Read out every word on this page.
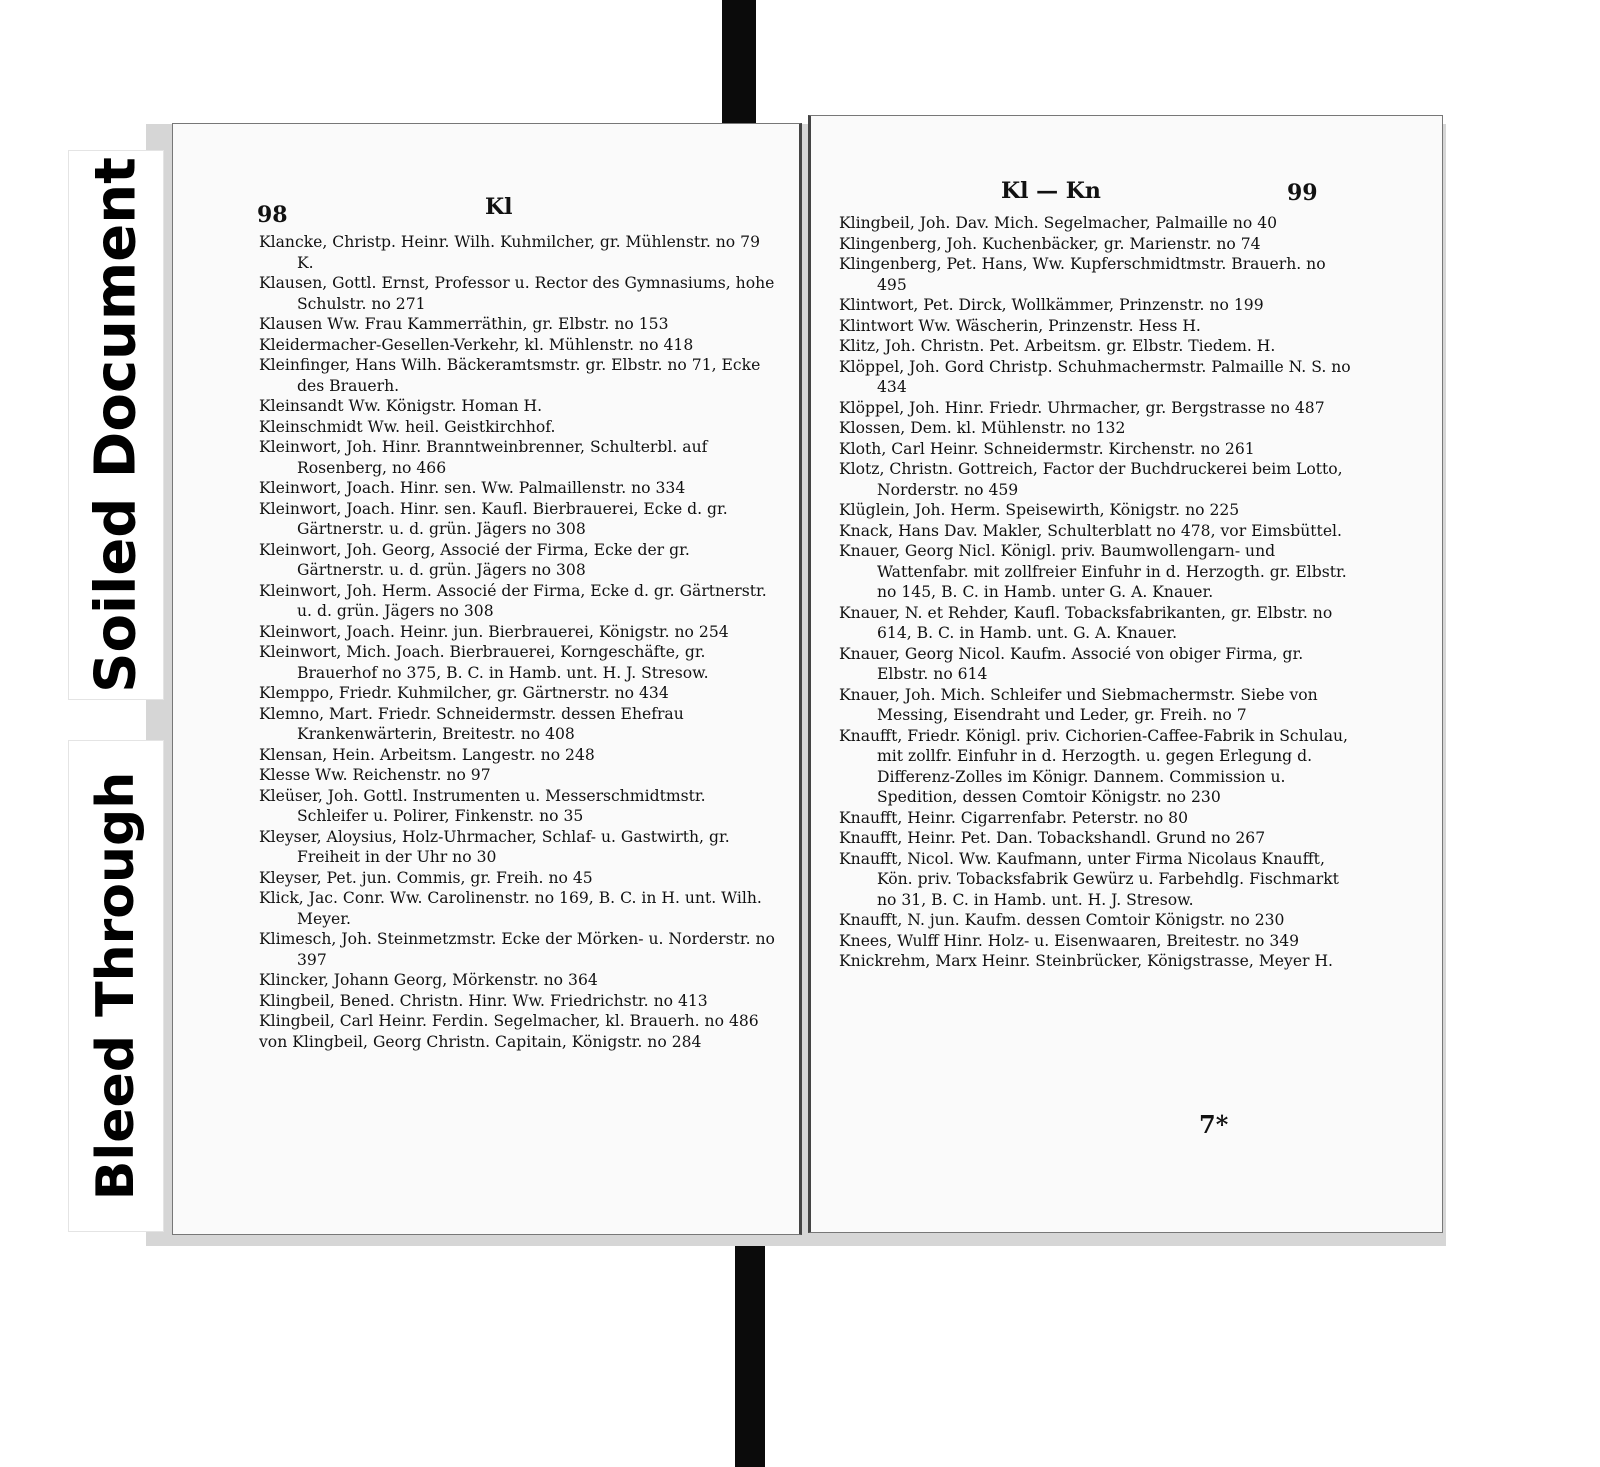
Soiled Document
Bleed Through
98	Kl
Klancke, Christp. Heinr. Wilh. Kuhmilcher, gr. Mühlenstr. no 79 K.
Klausen, Gottl. Ernst, Professor u. Rector des Gymnasiums, hohe Schulstr. no 271
Klausen Ww. Frau Kammerräthin, gr. Elbstr. no 153
Kleidermacher-Gesellen-Verkehr, kl. Mühlenstr. no 418
Kleinfinger, Hans Wilh. Bäckeramtsmstr. gr. Elbstr. no 71, Ecke des Brauerh.
Kleinsandt Ww. Königstr. Homan H.
Kleinschmidt Ww. heil. Geistkirchhof.
Kleinwort, Joh. Hinr. Branntweinbrenner, Schulterbl. auf Rosenberg, no 466
Kleinwort, Joach. Hinr. sen. Ww. Palmaillenstr. no 334
Kleinwort, Joach. Hinr. sen. Kaufl. Bierbrauerei, Ecke d. gr. Gärtnerstr. u. d. grün. Jägers no 308
Kleinwort, Joh. Georg, Associé der Firma, Ecke der gr. Gärtnerstr. u. d. grün. Jägers no 308
Kleinwort, Joh. Herm. Associé der Firma, Ecke d. gr. Gärtnerstr. u. d. grün. Jägers no 308
Kleinwort, Joach. Heinr. jun. Bierbrauerei, Königstr. no 254
Kleinwort, Mich. Joach. Bierbrauerei, Korngeschäfte, gr. Brauerhof no 375, B. C. in Hamb. unt. H. J. Stresow.
Klemppo, Friedr. Kuhmilcher, gr. Gärtnerstr. no 434
Klemno, Mart. Friedr. Schneidermstr. dessen Ehefrau Krankenwärterin, Breitestr. no 408
Klensan, Hein. Arbeitsm. Langestr. no 248
Klesse Ww. Reichenstr. no 97
Kleüser, Joh. Gottl. Instrumenten u. Messerschmidtmstr. Schleifer u. Polirer, Finkenstr. no 35
Kleyser, Aloysius, Holz-Uhrmacher, Schlaf- u. Gastwirth, gr. Freiheit in der Uhr no 30
Kleyser, Pet. jun. Commis, gr. Freih. no 45
Klick, Jac. Conr. Ww. Carolinenstr. no 169, B. C. in H. unt. Wilh. Meyer.
Klimesch, Joh. Steinmetzmstr. Ecke der Mörken- u. Norderstr. no 397
Klincker, Johann Georg, Mörkenstr. no 364
Klingbeil, Bened. Christn. Hinr. Ww. Friedrichstr. no 413
Klingbeil, Carl Heinr. Ferdin. Segelmacher, kl. Brauerh. no 486
von Klingbeil, Georg Christn. Capitain, Königstr. no 284
Kl — Kn	99
Klingbeil, Joh. Dav. Mich. Segelmacher, Palmaille no 40
Klingenberg, Joh. Kuchenbäcker, gr. Marienstr. no 74
Klingenberg, Pet. Hans, Ww. Kupferschmidtmstr. Brauerh. no 495
Klintwort, Pet. Dirck, Wollkämmer, Prinzenstr. no 199
Klintwort Ww. Wäscherin, Prinzenstr. Hess H.
Klitz, Joh. Christn. Pet. Arbeitsm. gr. Elbstr. Tiedem. H.
Klöppel, Joh. Gord Christp. Schuhmachermstr. Palmaille N. S. no 434
Klöppel, Joh. Hinr. Friedr. Uhrmacher, gr. Bergstrasse no 487
Klossen, Dem. kl. Mühlenstr. no 132
Kloth, Carl Heinr. Schneidermstr. Kirchenstr. no 261
Klotz, Christn. Gottreich, Factor der Buchdruckerei beim Lotto, Norderstr. no 459
Klüglein, Joh. Herm. Speisewirth, Königstr. no 225
Knack, Hans Dav. Makler, Schulterblatt no 478, vor Eimsbüttel.
Knauer, Georg Nicl. Königl. priv. Baumwollengarn- und Wattenfabr. mit zollfreier Einfuhr in d. Herzogth. gr. Elbstr. no 145, B. C. in Hamb. unter G. A. Knauer.
Knauer, N. et Rehder, Kaufl. Tobacksfabrikanten, gr. Elbstr. no 614, B. C. in Hamb. unt. G. A. Knauer.
Knauer, Georg Nicol. Kaufm. Associé von obiger Firma, gr. Elbstr. no 614
Knauer, Joh. Mich. Schleifer und Siebmachermstr. Siebe von Messing, Eisendraht und Leder, gr. Freih. no 7
Knaufft, Friedr. Königl. priv. Cichorien-Caffee-Fabrik in Schulau, mit zollfr. Einfuhr in d. Herzogth. u. gegen Erlegung d. Differenz-Zolles im Königr. Dannem. Commission u. Spedition, dessen Comtoir Königstr. no 230
Knaufft, Heinr. Cigarrenfabr. Peterstr. no 80
Knaufft, Heinr. Pet. Dan. Tobackshandl. Grund no 267
Knaufft, Nicol. Ww. Kaufmann, unter Firma Nicolaus Knaufft, Kön. priv. Tobacksfabrik Gewürz u. Farbehdlg. Fischmarkt no 31, B. C. in Hamb. unt. H. J. Stresow.
Knaufft, N. jun. Kaufm. dessen Comtoir Königstr. no 230
Knees, Wulff Hinr. Holz- u. Eisenwaaren, Breitestr. no 349
Knickrehm, Marx Heinr. Steinbrücker, Königstrasse, Meyer H.
7*
